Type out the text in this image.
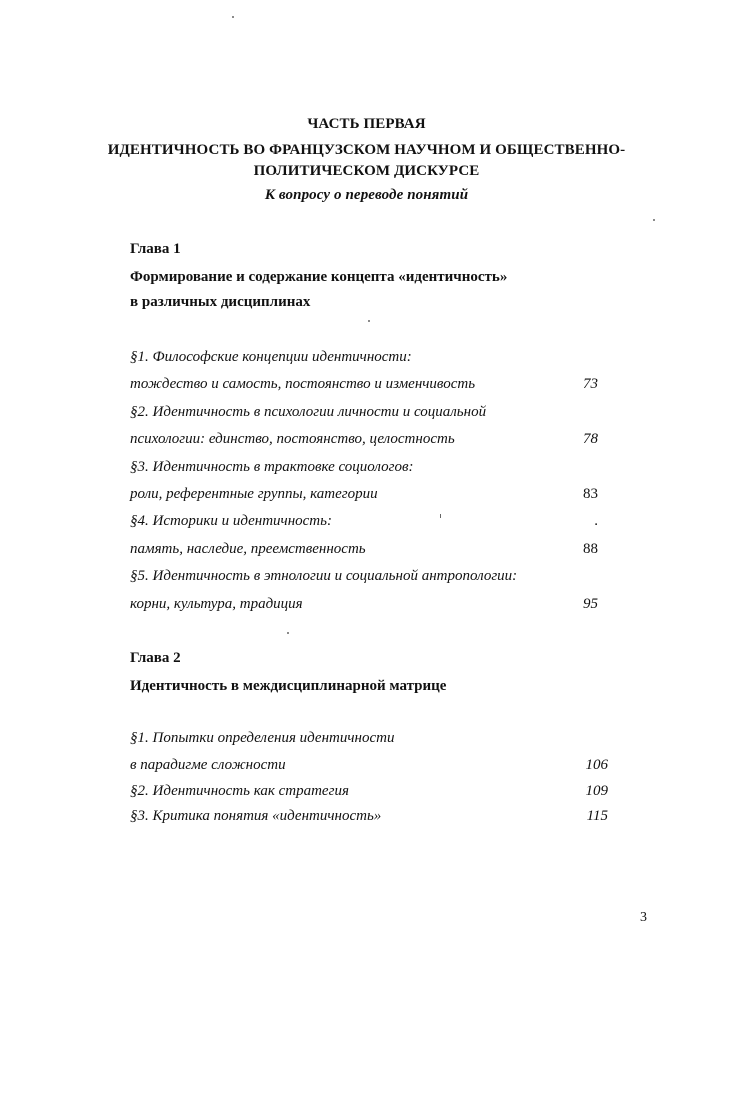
ЧАСТЬ ПЕРВАЯ
ИДЕНТИЧНОСТЬ ВО ФРАНЦУЗСКОМ НАУЧНОМ И ОБЩЕСТВЕННО-
ПОЛИТИЧЕСКОМ ДИСКУРСЕ
К вопросу о переводе понятий
Глава 1
Формирование и содержание концепта «идентичность»
в различных дисциплинах
§1. Философские концепции идентичности:
тождество и самость, постоянство и изменчивость	73
§2. Идентичность в психологии личности и социальной
психологии: единство, постоянство, целостность	78
§3. Идентичность в трактовке социологов:
роли, референтные группы, категории	83
§4. Историки и идентичность:	.
память, наследие, преемственность	88
§5. Идентичность в этнологии и социальной антропологии:
корни, культура, традиция	95
Глава 2
Идентичность в междисциплинарной матрице
§1. Попытки определения идентичности
в парадигме сложности	106
§2. Идентичность как стратегия	109
§3. Критика понятия «идентичность»	115
3
